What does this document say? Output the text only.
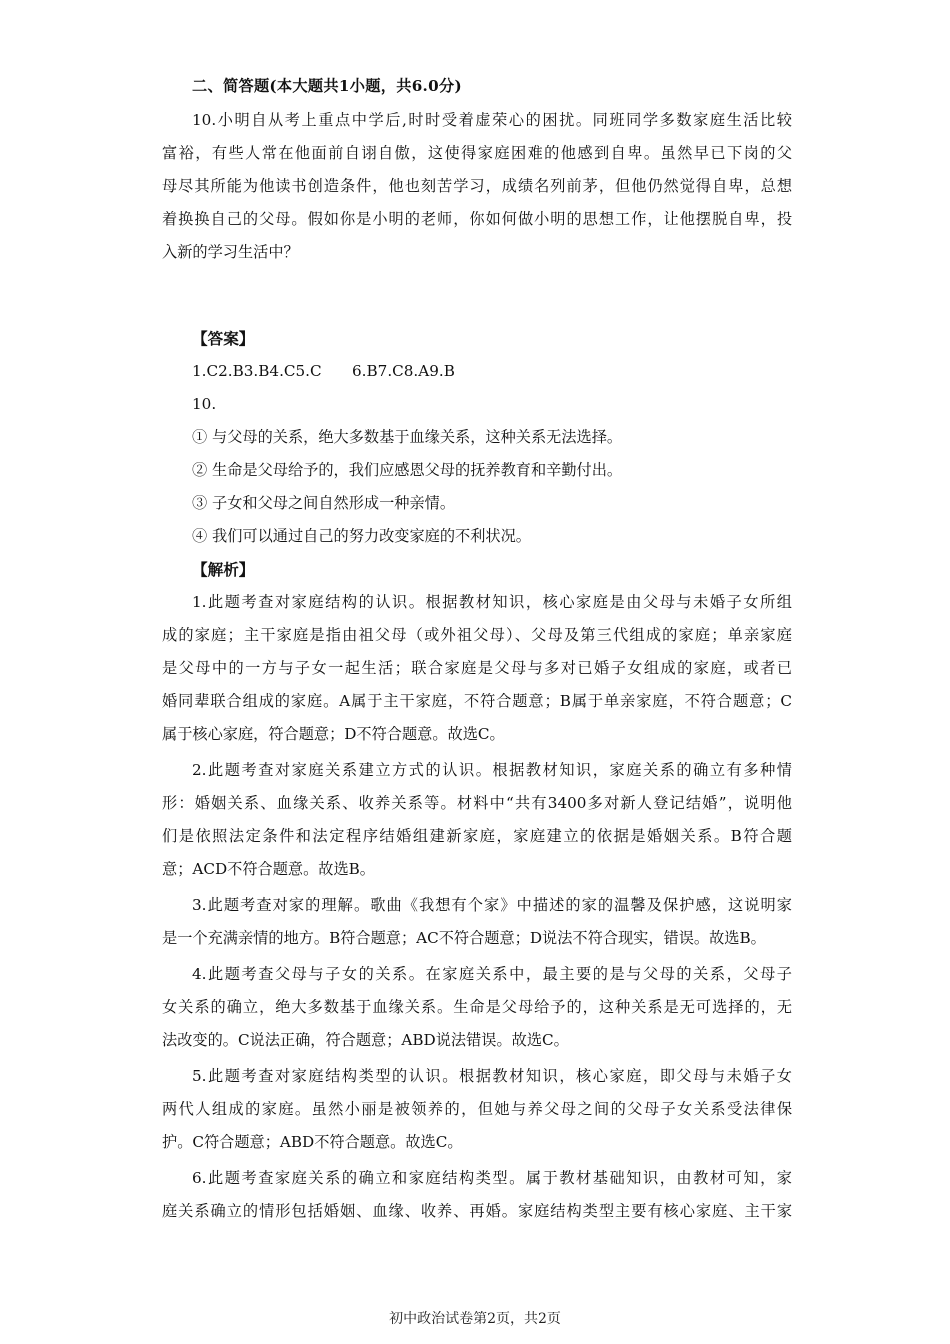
二、简答题(本大题共1小题，共6.0分)
10.小明自从考上重点中学后,时时受着虚荣心的困扰。同班同学多数家庭生活比较
富裕，有些人常在他面前自诩自傲，这使得家庭困难的他感到自卑。虽然早已下岗的父
母尽其所能为他读书创造条件，他也刻苦学习，成绩名列前茅，但他仍然觉得自卑，总想
着换换自己的父母。假如你是小明的老师，你如何做小明的思想工作，让他摆脱自卑，投
入新的学习生活中？
【答案】
1.C2.B3.B4.C5.C　　6.B7.C8.A9.B
10.
① 与父母的关系，绝大多数基于血缘关系，这种关系无法选择。
② 生命是父母给予的，我们应感恩父母的抚养教育和辛勤付出。
③ 子女和父母之间自然形成一种亲情。
④ 我们可以通过自己的努力改变家庭的不利状况。
【解析】
1.此题考查对家庭结构的认识。根据教材知识，核心家庭是由父母与未婚子女所组
成的家庭；主干家庭是指由祖父母（或外祖父母）、父母及第三代组成的家庭；单亲家庭
是父母中的一方与子女一起生活；联合家庭是父母与多对已婚子女组成的家庭，或者已
婚同辈联合组成的家庭。A属于主干家庭，不符合题意；B属于单亲家庭，不符合题意；C
属于核心家庭，符合题意；D不符合题意。故选C。
2.此题考查对家庭关系建立方式的认识。根据教材知识，家庭关系的确立有多种情
形：婚姻关系、血缘关系、收养关系等。材料中“共有3400多对新人登记结婚”，说明他
们是依照法定条件和法定程序结婚组建新家庭，家庭建立的依据是婚姻关系。B符合题
意；ACD不符合题意。故选B。
3.此题考查对家的理解。歌曲《我想有个家》中描述的家的温馨及保护感，这说明家
是一个充满亲情的地方。B符合题意；AC不符合题意；D说法不符合现实，错误。故选B。
4.此题考查父母与子女的关系。在家庭关系中，最主要的是与父母的关系，父母子
女关系的确立，绝大多数基于血缘关系。生命是父母给予的，这种关系是无可选择的，无
法改变的。C说法正确，符合题意；ABD说法错误。故选C。
5.此题考查对家庭结构类型的认识。根据教材知识，核心家庭，即父母与未婚子女
两代人组成的家庭。虽然小丽是被领养的，但她与养父母之间的父母子女关系受法律保
护。C符合题意；ABD不符合题意。故选C。
6.此题考查家庭关系的确立和家庭结构类型。属于教材基础知识，由教材可知，家
庭关系确立的情形包括婚姻、血缘、收养、再婚。家庭结构类型主要有核心家庭、主干家
初中政治试卷第2页，共2页
